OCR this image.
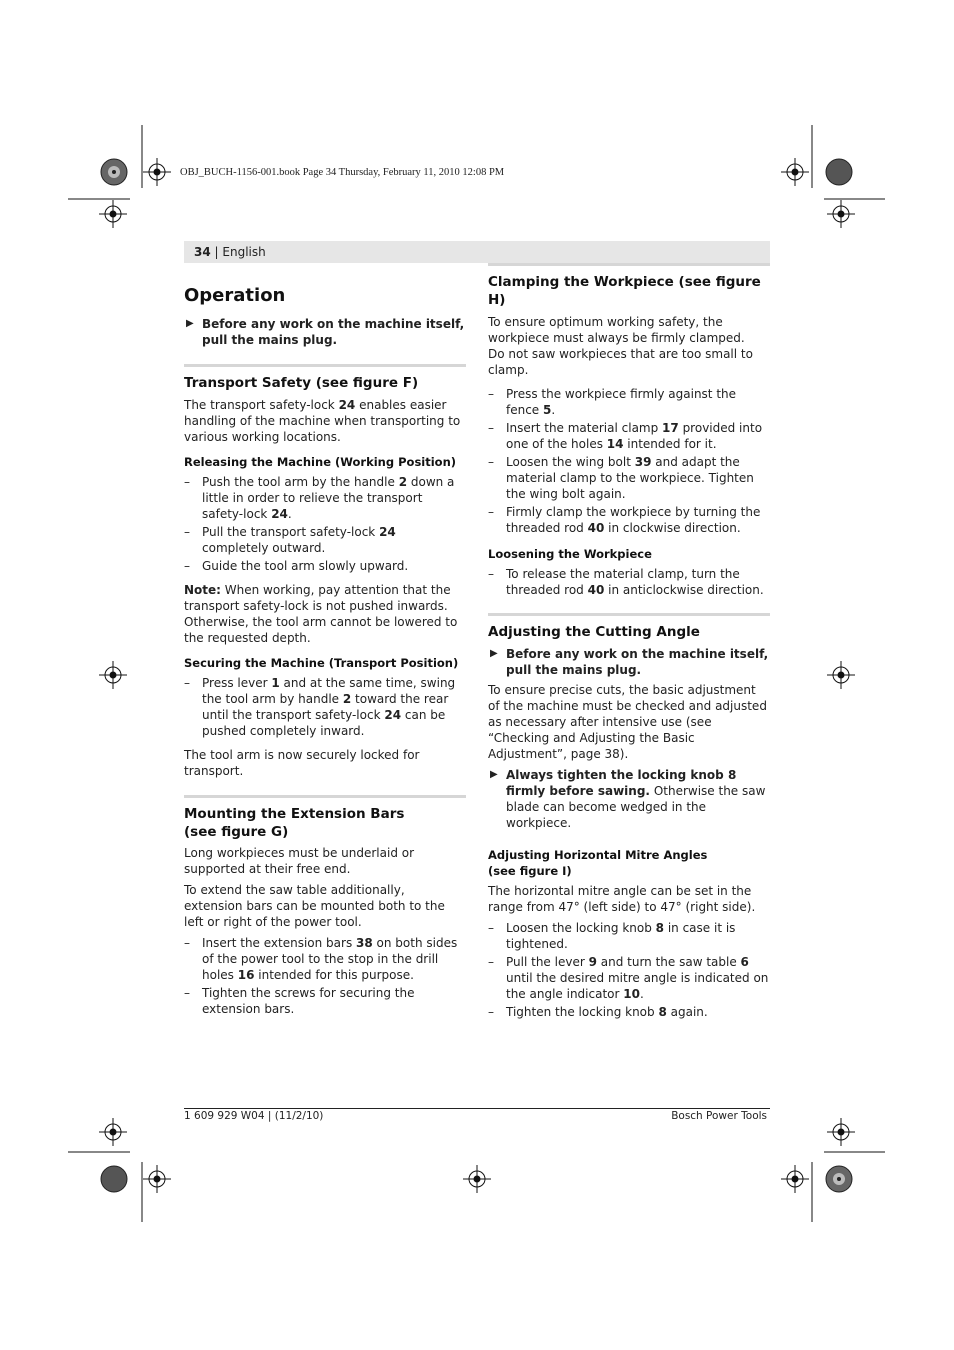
OBJ_BUCH-1156-001.book Page 34 Thursday, February 11, 2010 12:08 PM
34 | English
Operation
▶ Before any work on the machine itself, pull the mains plug.
Transport Safety (see figure F)

The transport safety-lock 24 enables easier handling of the machine when transporting to various working locations.

Releasing the Machine (Working Position)
– Push the tool arm by the handle 2 down a little in order to relieve the transport safety-lock 24.
– Pull the transport safety-lock 24 completely outward.
– Guide the tool arm slowly upward.

Note: When working, pay attention that the transport safety-lock is not pushed inwards. Otherwise, the tool arm cannot be lowered to the requested depth.

Securing the Machine (Transport Position)
– Press lever 1 and at the same time, swing the tool arm by handle 2 toward the rear until the transport safety-lock 24 can be pushed completely inward.

The tool arm is now securely locked for transport.

Mounting the Extension Bars
(see figure G)

Long workpieces must be underlaid or supported at their free end.

To extend the saw table additionally, extension bars can be mounted both to the left or right of the power tool.

– Insert the extension bars 38 on both sides of the power tool to the stop in the drill holes 16 intended for this purpose.
– Tighten the screws for securing the extension bars.
Clamping the Workpiece (see figure H)

To ensure optimum working safety, the workpiece must always be firmly clamped.

Do not saw workpieces that are too small to clamp.

– Press the workpiece firmly against the fence 5.
– Insert the material clamp 17 provided into one of the holes 14 intended for it.
– Loosen the wing bolt 39 and adapt the material clamp to the workpiece. Tighten the wing bolt again.
– Firmly clamp the workpiece by turning the threaded rod 40 in clockwise direction.
Loosening the Workpiece
– To release the material clamp, turn the threaded rod 40 in anticlockwise direction.
Adjusting the Cutting Angle
▶ Before any work on the machine itself, pull the mains plug.

To ensure precise cuts, the basic adjustment of the machine must be checked and adjusted as necessary after intensive use (see “Checking and Adjusting the Basic Adjustment”, page 38).

▶ Always tighten the locking knob 8 firmly before sawing. Otherwise the saw blade can become wedged in the workpiece.
Adjusting Horizontal Mitre Angles
(see figure I)

The horizontal mitre angle can be set in the range from 47° (left side) to 47° (right side).

– Loosen the locking knob 8 in case it is tightened.
– Pull the lever 9 and turn the saw table 6 until the desired mitre angle is indicated on the angle indicator 10.
– Tighten the locking knob 8 again.
1 609 929 W04 | (11/2/10)	Bosch Power Tools
